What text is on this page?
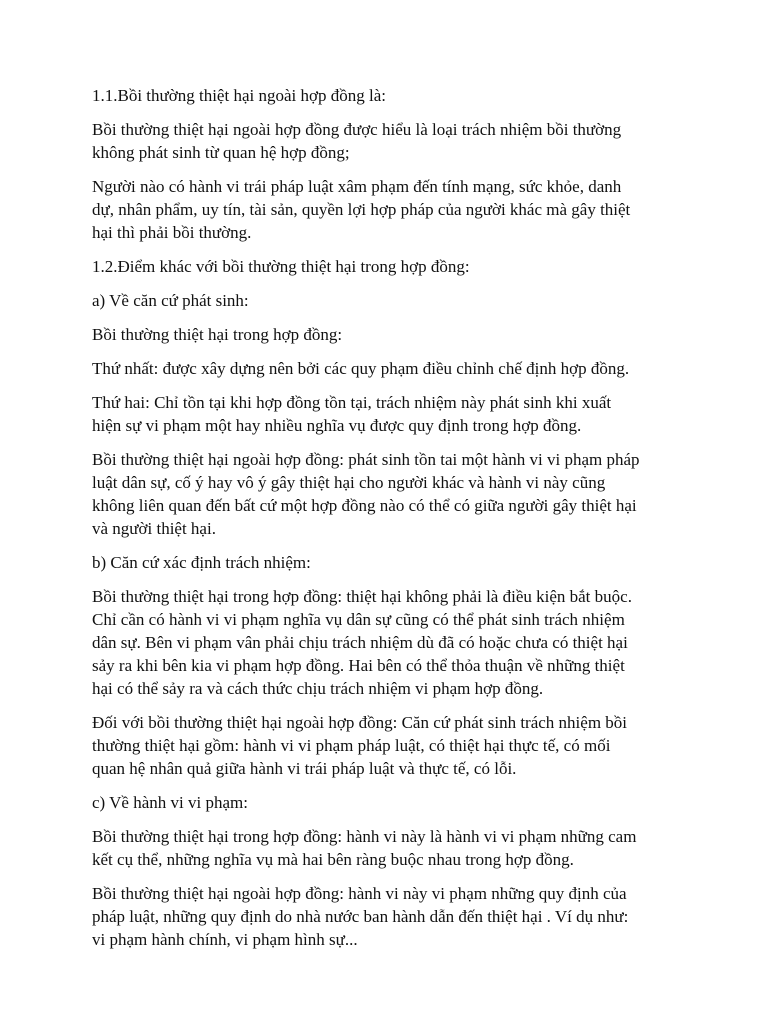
1.1.Bồi thường thiệt hại ngoài hợp đồng là:

Bồi thường thiệt hại ngoài hợp đồng được hiểu là loại trách nhiệm bồi thường
không phát sinh từ quan hệ hợp đồng;

Người nào có hành vi trái pháp luật xâm phạm đến tính mạng, sức khỏe, danh
dự, nhân phẩm, uy tín, tài sản, quyền lợi hợp pháp của người khác mà gây thiệt
hại thì phải bồi thường.

1.2.Điểm khác với bồi thường thiệt hại trong hợp đồng:

a) Về căn cứ phát sinh:

Bồi thường thiệt hại trong hợp đồng:

Thứ nhất: được xây dựng nên bởi các quy phạm điều chỉnh chế định hợp đồng.

Thứ hai: Chỉ tồn tại khi hợp đồng tồn tại, trách nhiệm này phát sinh khi xuất
hiện sự vi phạm một hay nhiều nghĩa vụ được quy định trong hợp đồng.

Bồi thường thiệt hại ngoài hợp đồng: phát sinh tồn tai một hành vi vi phạm pháp
luật dân sự, cố ý hay vô ý gây thiệt hại cho người khác và hành vi này cũng
không liên quan đến bất cứ một hợp đồng nào có thể có giữa người gây thiệt hại
và người thiệt hại.

b) Căn cứ xác định trách nhiệm:

Bồi thường thiệt hại trong hợp đồng: thiệt hại không phải là điều kiện bắt buộc.
Chỉ cần có hành vi vi phạm nghĩa vụ dân sự cũng có thể phát sinh trách nhiệm
dân sự. Bên vi phạm vân phải chịu trách nhiệm dù đã có hoặc chưa có thiệt hại
sảy ra khi bên kia vi phạm hợp đồng. Hai bên có thể thỏa thuận về những thiệt
hại có thể sảy ra và cách thức chịu trách nhiệm vi phạm hợp đồng.

Đối với bồi thường thiệt hại ngoài hợp đồng: Căn cứ phát sinh trách nhiệm bồi
thường thiệt hại gồm: hành vi vi phạm pháp luật, có thiệt hại thực tế, có mối
quan hệ nhân quả giữa hành vi trái pháp luật và thực tế, có lỗi.

c) Về hành vi vi phạm:

Bồi thường thiệt hại trong hợp đồng: hành vi này là hành vi vi phạm những cam
kết cụ thể, những nghĩa vụ mà hai bên ràng buộc nhau trong hợp đồng.

Bồi thường thiệt hại ngoài hợp đồng: hành vi này vi phạm những quy định của
pháp luật, những quy định do nhà nước ban hành dẫn đến thiệt hại . Ví dụ như:
vi phạm hành chính, vi phạm hình sự...
